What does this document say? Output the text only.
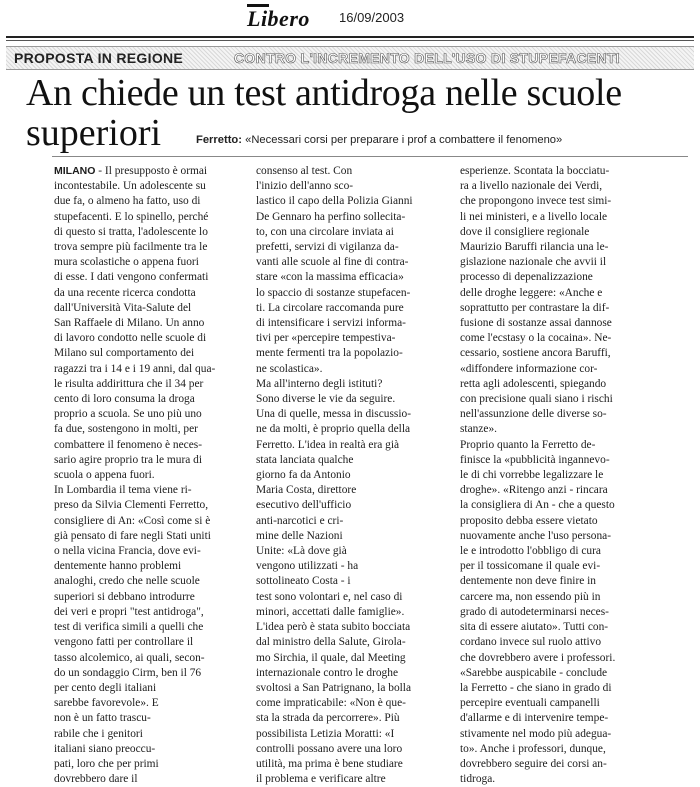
Libero 16/09/2003
PROPOSTA IN REGIONE	CONTRO L'INCREMENTO DELL'USO DI STUPEFACENTI
An chiede un test antidroga nelle scuole
superiori	Ferretto: «Necessari corsi per preparare i prof a combattere il fenomeno»
MILANO - Il presupposto è ormai
incontestabile. Un adolescente su
due fa, o almeno ha fatto, uso di
stupefacenti. E lo spinello, perché
di questo si tratta, l'adolescente lo
trova sempre più facilmente tra le
mura scolastiche o appena fuori
di esse. I dati vengono confermati
da una recente ricerca condotta
dall'Università Vita-Salute del
San Raffaele di Milano. Un anno
di lavoro condotto nelle scuole di
Milano sul comportamento dei
ragazzi tra i 14 e i 19 anni, dal qua-
le risulta addirittura che il 34 per
cento di loro consuma la droga
proprio a scuola. Se uno più uno
fa due, sostengono in molti, per
combattere il fenomeno è neces-
sario agire proprio tra le mura di
scuola o appena fuori.
In Lombardia il tema viene ri-
preso da Silvia Clementi Ferretto,
consigliere di An: «Così come si è
già pensato di fare negli Stati uniti
o nella vicina Francia, dove evi-
dentemente hanno problemi
analoghi, credo che nelle scuole
superiori si debbano introdurre
dei veri e propri "test antidroga",
test di verifica simili a quelli che
vengono fatti per controllare il
tasso alcolemico, ai quali, secon-
do un sondaggio Cirm, ben il 76
per cento degli italiani
sarebbe favorevole». E
non è un fatto trascu-
rabile che i genitori
italiani siano preoccu-
pati, loro che per primi
dovrebbero dare il
consenso al test. Con
l'inizio dell'anno sco-
lastico il capo della Polizia Gianni
De Gennaro ha perfino sollecita-
to, con una circolare inviata ai
prefetti, servizi di vigilanza da-
vanti alle scuole al fine di contra-
stare «con la massima efficacia»
lo spaccio di sostanze stupefacen-
ti. La circolare raccomanda pure
di intensificare i servizi informa-
tivi per «percepire tempestiva-
mente fermenti tra la popolazio-
ne scolastica».
Ma all'interno degli istituti?
Sono diverse le vie da seguire.
Una di quelle, messa in discussio-
ne da molti, è proprio quella della
Ferretto. L'idea in realtà era già
stata lanciata qualche
giorno fa da Antonio
Maria Costa, direttore
esecutivo dell'ufficio
anti-narcotici e cri-
mine delle Nazioni
Unite: «Là dove già
vengono utilizzati - ha
sottolineato Costa - i
test sono volontari e, nel caso di
minori, accettati dalle famiglie».
L'idea però è stata subito bocciata
dal ministro della Salute, Girola-
mo Sirchia, il quale, dal Meeting
internazionale contro le droghe
svoltosi a San Patrignano, la bolla
come impraticabile: «Non è que-
sta la strada da percorrere». Più
possibilista Letizia Moratti: «I
controlli possano avere una loro
utilità, ma prima è bene studiare
il problema e verificare altre
esperienze. Scontata la bocciatu-
ra a livello nazionale dei Verdi,
che propongono invece test simi-
li nei ministeri, e a livello locale
dove il consigliere regionale
Maurizio Baruffi rilancia una le-
gislazione nazionale che avvii il
processo di depenalizzazione
delle droghe leggere: «Anche e
soprattutto per contrastare la dif-
fusione di sostanze assai dannose
come l'ecstasy o la cocaina». Ne-
cessario, sostiene ancora Baruffi,
«diffondere informazione cor-
retta agli adolescenti, spiegando
con precisione quali siano i rischi
nell'assunzione delle diverse so-
stanze».
Proprio quanto la Ferretto de-
finisce la «pubblicità ingannevo-
le di chi vorrebbe legalizzare le
droghe». «Ritengo anzi - rincara
la consigliera di An - che a questo
proposito debba essere vietato
nuovamente anche l'uso persona-
le e introdotto l'obbligo di cura
per il tossicomane il quale evi-
dentemente non deve finire in
carcere ma, non essendo più in
grado di autodeterminarsi neces-
sita di essere aiutato». Tutti con-
cordano invece sul ruolo attivo
che dovrebbero avere i professori.
«Sarebbe auspicabile - conclude
la Ferretto - che siano in grado di
percepire eventuali campanelli
d'allarme e di intervenire tempe-
stivamente nel modo più adegua-
to». Anche i professori, dunque,
dovrebbero seguire dei corsi an-
tidroga.
